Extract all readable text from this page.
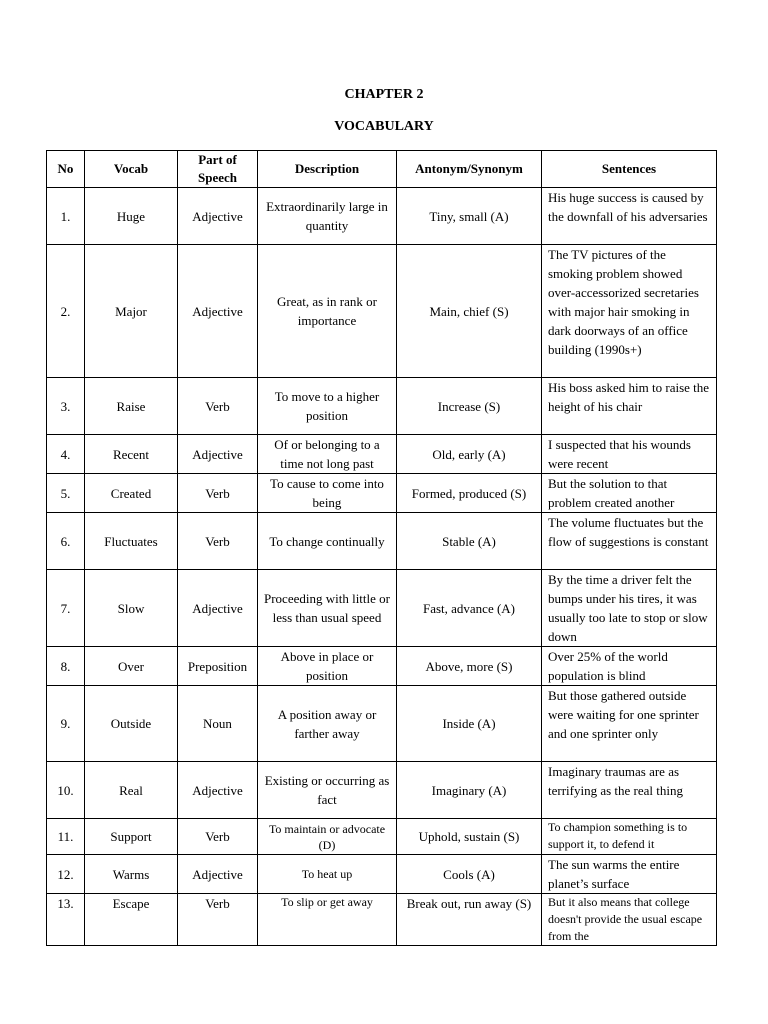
CHAPTER 2
VOCABULARY
No	Vocab	Part of Speech	Description	Antonym/Synonym	Sentences
1.	Huge	Adjective	Extraordinarily large in quantity	Tiny, small (A)	His huge success is caused by the downfall of his adversaries
2.	Major	Adjective	Great, as in rank or importance	Main, chief (S)	The TV pictures of the smoking problem showed over-accessorized secretaries with major hair smoking in dark doorways of an office building (1990s+)
3.	Raise	Verb	To move to a higher position	Increase (S)	His boss asked him to raise the height of his chair
4.	Recent	Adjective	Of or belonging to a time not long past	Old, early (A)	I suspected that his wounds were recent
5.	Created	Verb	To cause to come into being	Formed, produced (S)	But the solution to that problem created another
6.	Fluctuates	Verb	To change continually	Stable (A)	The volume fluctuates but the flow of suggestions is constant
7.	Slow	Adjective	Proceeding with little or less than usual speed	Fast, advance (A)	By the time a driver felt the bumps under his tires, it was usually too late to stop or slow down
8.	Over	Preposition	Above in place or position	Above, more (S)	Over 25% of the world population is blind
9.	Outside	Noun	A position away or farther away	Inside (A)	But those gathered outside were waiting for one sprinter and one sprinter only
10.	Real	Adjective	Existing or occurring as fact	Imaginary (A)	Imaginary traumas are as terrifying as the real thing
11.	Support	Verb	To maintain or advocate (D)	Uphold, sustain (S)	To champion something is to support it, to defend it
12.	Warms	Adjective	To heat up	Cools (A)	The sun warms the entire planet’s surface
13.	Escape	Verb	To slip or get away	Break out, run away (S)	But it also means that college doesn't provide the usual escape from the
